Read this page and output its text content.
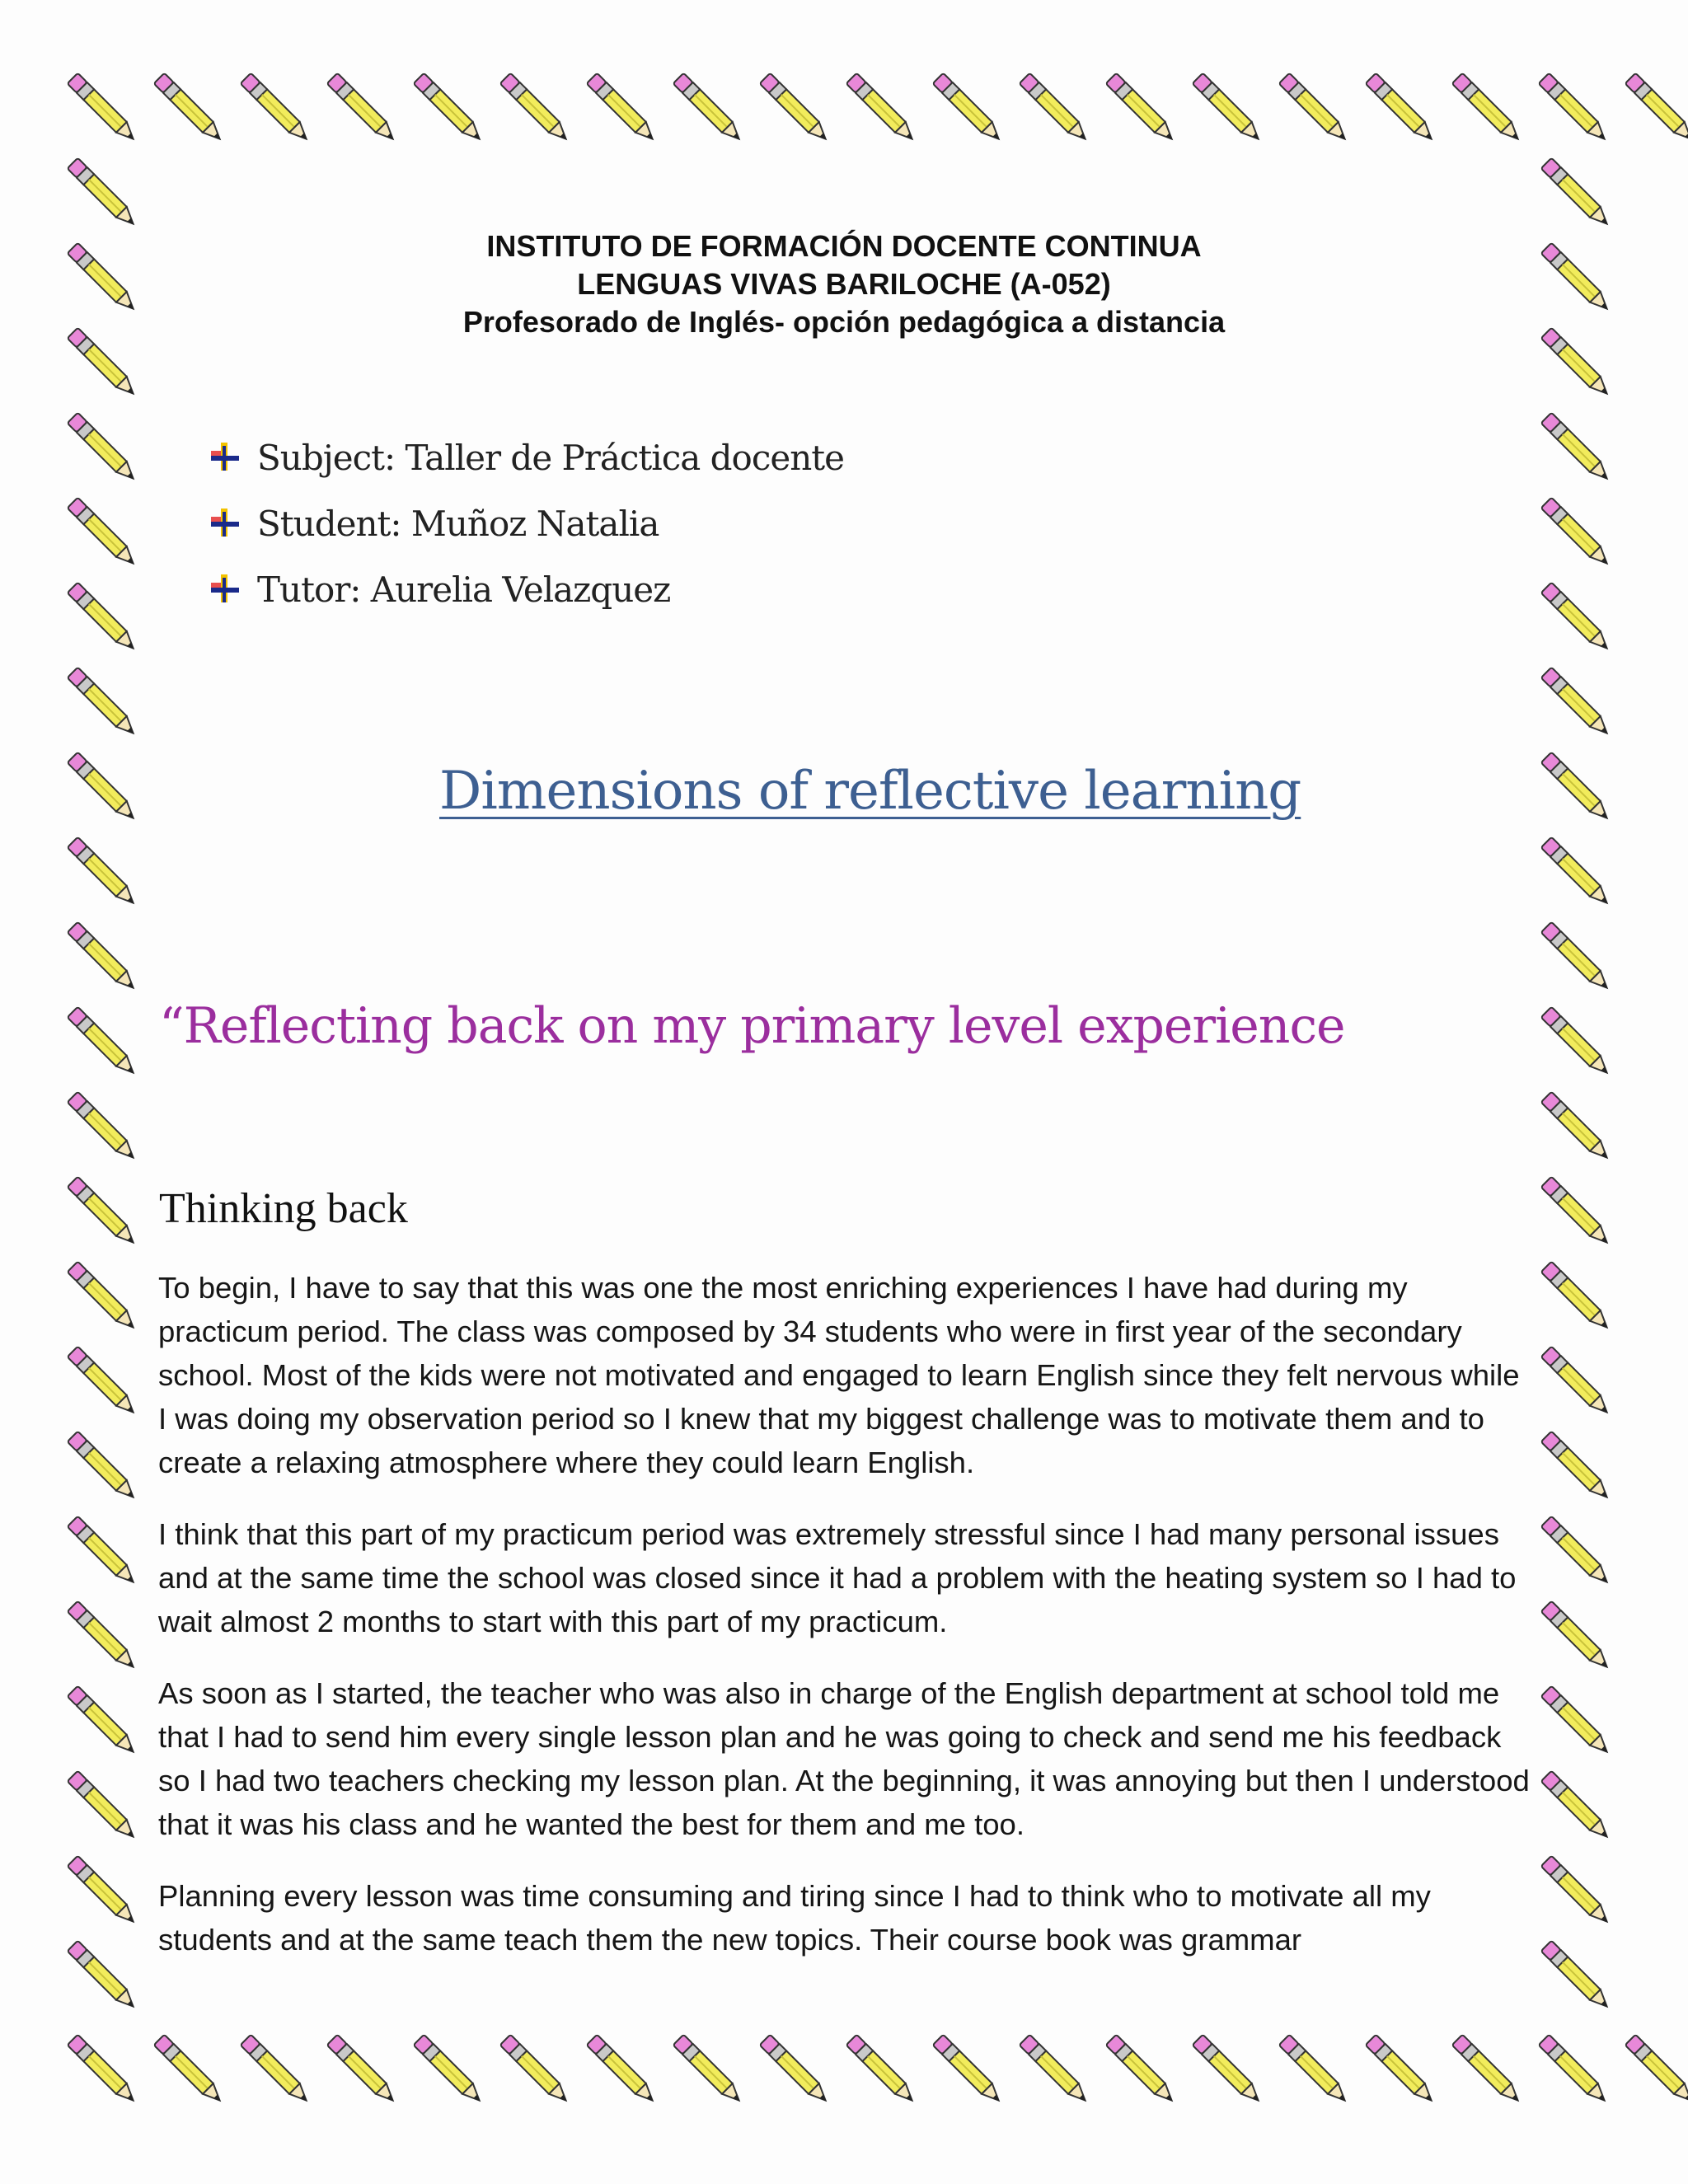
INSTITUTO DE FORMACIÓN DOCENTE CONTINUA
LENGUAS VIVAS BARILOCHE (A-052)
Profesorado de Inglés- opción pedagógica a distancia
Subject: Taller de Práctica docente
Student: Muñoz Natalia
Tutor: Aurelia Velazquez
Dimensions of reflective learning
“Reflecting back on my primary level experience
Thinking back

To begin, I have to say that this was one the most enriching experiences I have had during my practicum period. The class was composed by 34 students who were in first year of the secondary school. Most of the kids were not motivated and engaged to learn English since they felt nervous while I was doing my observation period so I knew that my biggest challenge was to motivate them and to create a relaxing atmosphere where they could learn English.

I think that this part of my practicum period was extremely stressful since I had many personal issues and at the same time the school was closed since it had a problem with the heating system so I had to wait almost 2 months to start with this part of my practicum.

As soon as I started, the teacher who was also in charge of the English department at school told me that I had to send him every single lesson plan and he was going to check and send me his feedback so I had two teachers checking my lesson plan. At the beginning, it was annoying but then I understood that it was his class and he wanted the best for them and me too.

Planning every lesson was time consuming and tiring since I had to think who to motivate all my students and at the same teach them the new topics. Their course book was grammar
